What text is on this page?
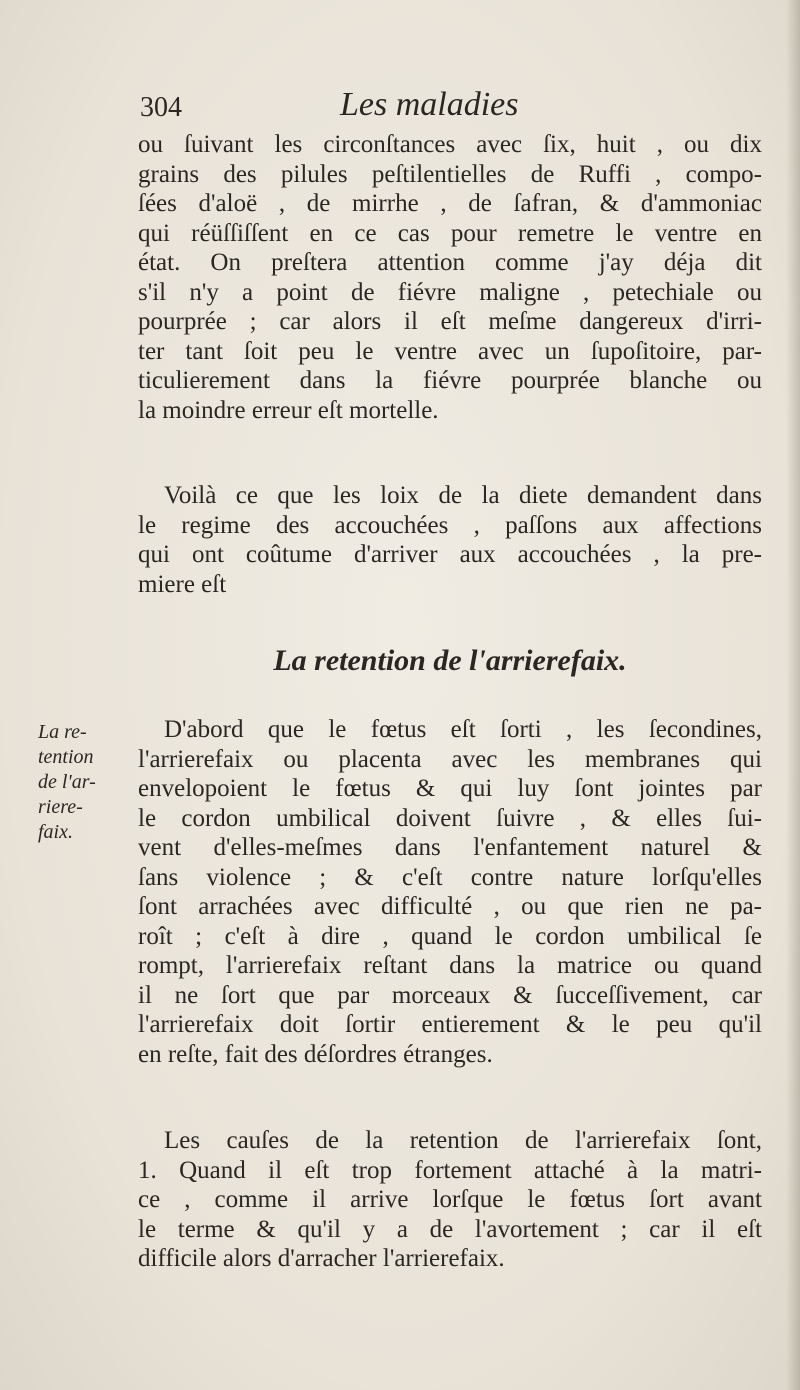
304	Les maladies
ou ſuivant les circonſtances avec ſix, huit , ou dix
grains des pilules peſtilentielles de Ruffi , compo-
ſées d'aloë , de mirrhe , de ſafran, & d'ammoniac
qui réüſſiſſent en ce cas pour remetre le ventre en
état. On preſtera attention comme j'ay déja dit
s'il n'y a point de fiévre maligne , petechiale ou
pourprée ; car alors il eſt meſme dangereux d'irri-
ter tant ſoit peu le ventre avec un ſupoſitoire, par-
ticulierement dans la fiévre pourprée blanche ou
la moindre erreur eſt mortelle.
Voilà ce que les loix de la diete demandent dans
le regime des accouchées , paſſons aux affections
qui ont coûtume d'arriver aux accouchées , la pre-
miere eſt
La retention de l'arrierefaix.
La re-
tention
de l'ar-
riere-
faix.
D'abord que le fœtus eſt ſorti , les ſecondines,
l'arrierefaix ou placenta avec les membranes qui
envelopoient le fœtus & qui luy ſont jointes par
le cordon umbilical doivent ſuivre , & elles ſui-
vent d'elles-meſmes dans l'enfantement naturel &
ſans violence ; & c'eſt contre nature lorſqu'elles
ſont arrachées avec difficulté , ou que rien ne pa-
roît ; c'eſt à dire , quand le cordon umbilical ſe
rompt, l'arrierefaix reſtant dans la matrice ou quand
il ne ſort que par morceaux & ſucceſſivement, car
l'arrierefaix doit ſortir entierement & le peu qu'il
en reſte, fait des déſordres étranges.
Les cauſes de la retention de l'arrierefaix ſont,
1. Quand il eſt trop fortement attaché à la matri-
ce , comme il arrive lorſque le fœtus ſort avant
le terme & qu'il y a de l'avortement ; car il eſt
difficile alors d'arracher l'arrierefaix.
